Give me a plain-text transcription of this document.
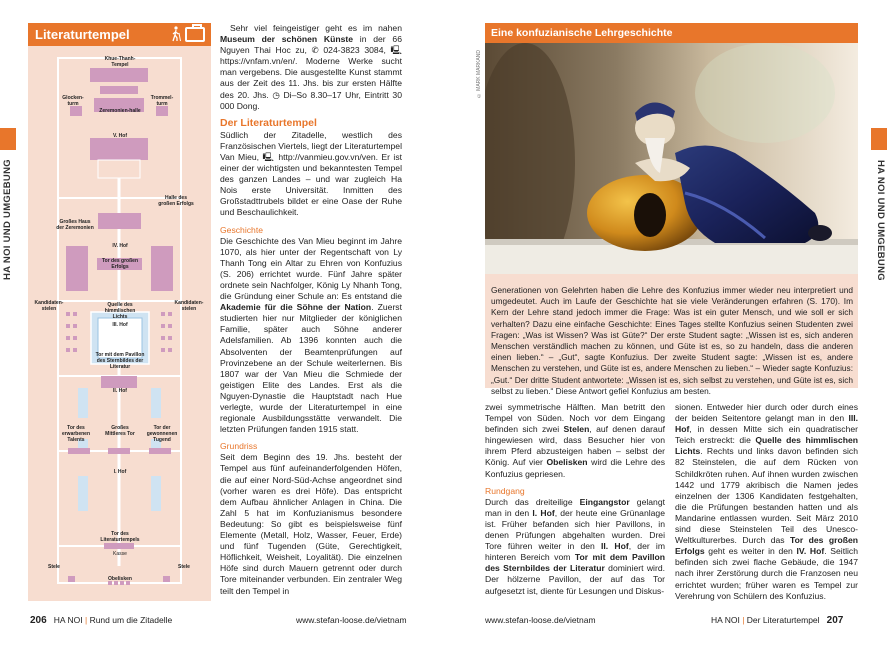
HA NOI UND UMGEBUNG	HA NOI UND UMGEBUNG
Literaturtempel
Khue-Thanh-Tempel
Glocken-turm
Trommel-turm
Zeremonien-halle
V. Hof
Halle des großen Erfolgs
Großes Haus der Zeremonien
IV. Hof
Tor des großen Erfolgs
Kandidaten-stelen
Kandidaten-stelen
Quelle des himmlischen Lichts
III. Hof
Tor mit dem Pavillon des Sternbildes der Literatur
II. Hof
Tor des erwarbenen Talents
Großes Mittleres Tor
Tor der gewonnenen Tugend
I. Hof
Tor des Literaturtempels
Kasse
Stele	Stele
Obelisken

Sehr viel feingeistiger geht es im nahen Museum der schönen Künste in der 66 Nguyen Thai Hoc zu, ✆ 024-3823 3084, 🖳 https://vnfam.vn/en/. Moderne Werke sucht man vergebens. Die ausgestellte Kunst stammt aus der Zeit des 11. Jhs. bis zur ersten Hälfte des 20. Jhs. ◷ Di–So 8.30–17 Uhr, Eintritt 30 000 Dong.

Der Literaturtempel

Südlich der Zitadelle, westlich des Französischen Viertels, liegt der Literaturtempel Van Mieu, 🖳 http://vanmieu.gov.vn/ven. Er ist einer der wichtigsten und bekanntesten Tempel des ganzen Landes – und war zugleich Ha Nois erste Universität. Inmitten des Großstadttrubels bildet er eine Oase der Ruhe und Beschaulichkeit.

Geschichte

Die Geschichte des Van Mieu beginnt im Jahre 1070, als hier unter der Regentschaft von Ly Thanh Tong ein Altar zu Ehren von Konfuzius (S. 206) errichtet wurde. Fünf Jahre später ordnete sein Nachfolger, König Ly Nhanh Tong, die Gründung einer Schule an: Es entstand die Akademie für die Söhne der Nation. Zuerst studierten hier nur Mitglieder der königlichen Familie, später auch Söhne anderer Adelsfamilien. Ab 1396 konnten auch die Absolventen der Beamtenprüfungen auf Provinzebene an der Schule weiterlernen. Bis 1807 war der Van Mieu die Schmiede der geistigen Elite des Landes. Erst als die Nguyen-Dynastie die Hauptstadt nach Hue verlegte, wurde der Literaturtempel in eine regionale Ausbildungsstätte verwandelt. Die letzten Prüfungen fanden 1915 statt.

Grundriss

Seit dem Beginn des 19. Jhs. besteht der Tempel aus fünf aufeinanderfolgenden Höfen, die auf einer Nord-Süd-Achse angeordnet sind (vorher waren es drei Höfe). Das entspricht dem Aufbau ähnlicher Anlagen in China. Die Zahl 5 hat im Konfuzianismus besondere Bedeutung: So gibt es beispielsweise fünf Elemente (Metall, Holz, Wasser, Feuer, Erde) und fünf Tugenden (Güte, Gerechtigkeit, Höflichkeit, Weisheit, Loyalität). Die einzelnen Höfe sind durch Mauern getrennt oder durch Tore miteinander verbunden. Ein zentraler Weg teilt den Tempel in

© MARK MARKAND
Eine konfuzianische Lehrgeschichte
Generationen von Gelehrten haben die Lehre des Konfuzius immer wieder neu interpretiert und umgedeutet. Auch im Laufe der Geschichte hat sie viele Veränderungen erfahren (S. 170). Im Kern der Lehre stand jedoch immer die Frage: Was ist ein guter Mensch, und wie soll er sich verhalten? Dazu eine einfache Geschichte: Eines Tages stellte Konfuzius seinen Studenten zwei Fragen: „Was ist Wissen? Was ist Güte?“ Der erste Student sagte: „Wissen ist es, sich anderen Menschen verständlich machen zu können, und Güte ist es, so zu handeln, dass die anderen einen lieben.“ – „Gut“, sagte Konfuzius. Der zweite Student sagte: „Wissen ist es, andere Menschen zu verstehen, und Güte ist es, andere Menschen zu lieben.“ – Wieder sagte Konfuzius: „Gut.“ Der dritte Student antwortete: „Wissen ist es, sich selbst zu verstehen, und Güte ist es, sich selbst zu lieben.“ Diese Antwort gefiel Konfuzius am besten.

zwei symmetrische Hälften. Man betritt den Tempel von Süden. Noch vor dem Eingang befinden sich zwei Stelen, auf denen darauf hingewiesen wird, dass Besucher hier von ihrem Pferd abzusteigen haben – selbst der König. Auf vier Obelisken wird die Lehre des Konfuzius gepriesen.

Rundgang

Durch das dreiteilige Eingangstor gelangt man in den I. Hof, der heute eine Grünanlage ist. Früher befanden sich hier Pavillons, in denen Prüfungen abgehalten wurden. Drei Tore führen weiter in den II. Hof, der im hinteren Bereich vom Tor mit dem Pavillon des Sternbildes der Literatur dominiert wird. Der hölzerne Pavillon, der auf das Tor aufgesetzt ist, diente für Lesungen und Diskus-

sionen. Entweder hier durch oder durch eines der beiden Seitentore gelangt man in den III. Hof, in dessen Mitte sich ein quadratischer Teich erstreckt: die Quelle des himmlischen Lichts. Rechts und links davon befinden sich 82 Steinstelen, die auf dem Rücken von Schildkröten ruhen. Auf ihnen wurden zwischen 1442 und 1779 akribisch die Namen jedes einzelnen der 1306 Kandidaten festgehalten, die die Prüfungen bestanden hatten und als Mandarine entlassen wurden. Seit März 2010 sind diese Steinstelen Teil des Unesco-Weltkulturerbes. Durch das Tor des großen Erfolgs geht es weiter in den IV. Hof. Seitlich befinden sich zwei flache Gebäude, die 1947 nach ihrer Zerstörung durch die Franzosen neu errichtet wurden; früher waren es Tempel zur Verehrung von Schülern des Konfuzius.

206 HA NOI | Rund um die Zitadelle	www.stefan-loose.de/vietnam	www.stefan-loose.de/vietnam	HA NOI | Der Literaturtempel 207
